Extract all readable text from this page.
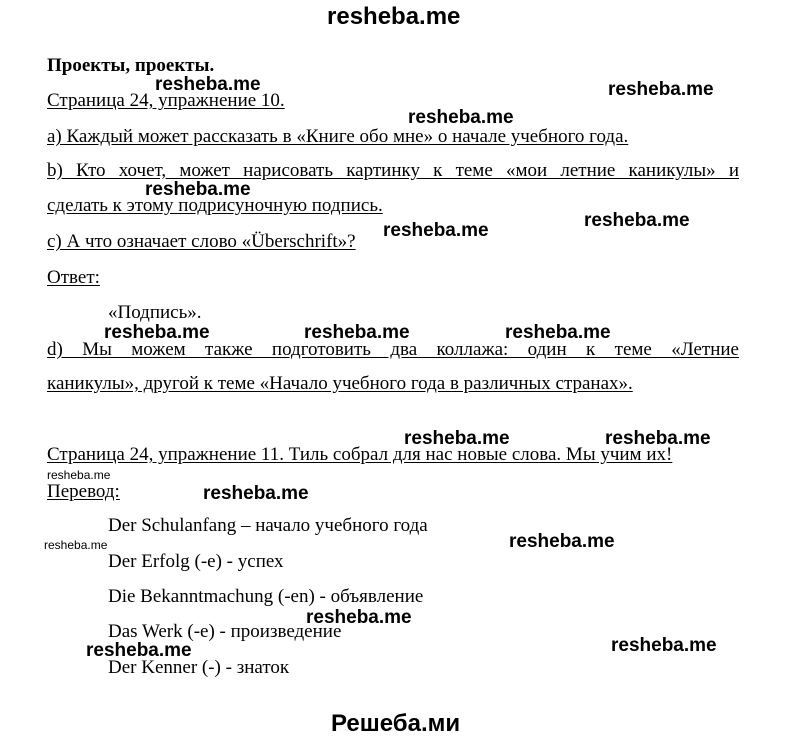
resheba.me
Решеба.ми
Проекты, проекты.
Страница 24, упражнение 10.
а) Каждый может рассказать в «Книге обо мне» о начале учебного года.
b) Кто хочет, может нарисовать картинку к теме «мои летние каникулы» и
сделать к этому подрисуночную подпись.
с) А что означает слово «Überschrift»?
Ответ:
«Подпись».
d) Мы можем также подготовить два коллажа: один к теме «Летние
каникулы», другой к теме «Начало учебного года в различных странах».
Страница 24, упражнение 11. Тиль собрал для нас новые слова. Мы учим их!
Перевод:
Der Schulanfang – начало учебного года
Der Erfolg (-e) - успех
Die Bekanntmachung (-en) - объявление
Das Werk (-e) - произведение
Der Kenner (-) - знаток
resheba.me	resheba.me
resheba.me
resheba.me
resheba.me
resheba.me
resheba.me	resheba.me	resheba.me
resheba.me	resheba.me
resheba.me
resheba.me
resheba.me	resheba.me
resheba.me
resheba.me	resheba.me
